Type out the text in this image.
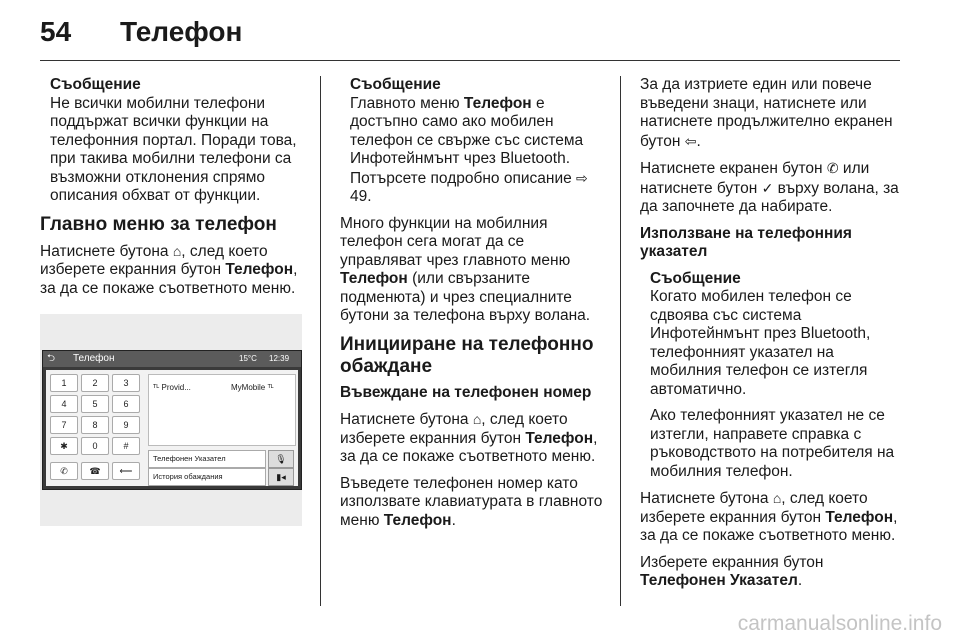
54 Телефон
Съобщение
Не всички мобилни телефони поддържат всички функции на телефонния портал. Поради това, при такива мобилни телефони са възможни отклонения спрямо описания обхват от функции.
Главно меню за телефон

Натиснете бутона ⌂, след което изберете екранния бутон Телефон, за да се покаже съответното меню.

⮌ Телефон	15°C 12:39
1	2	3
4	5	6
7	8	9
✱	0	#
✆	☎	⟵
ᵀᴸ Provid...	MyMobile ᵀᴸ
Телефонен Указател
История обаждания
🎙
▮◂
Съобщение
Главното меню Телефон е достъпно само ако мобилен телефон се свърже със система Инфотейнмънт чрез Bluetooth. Потърсете подробно описание ⇨ 49.

Много функции на мобилния телефон сега могат да се управляват чрез главното меню Телефон (или свързаните подменюта) и чрез специалните бутони за телефона върху волана.

Иницииране на телефонно обаждане
Въвеждане на телефонен номер

Натиснете бутона ⌂, след което изберете екранния бутон Телефон, за да се покаже съответното меню.

Въведете телефонен номер като използвате клавиатурата в главното меню Телефон.

За да изтриете един или повече въведени знаци, натиснете или натиснете продължително екранен бутон ⇦.

Натиснете екранен бутон ✆ или натиснете бутон ✓ върху волана, за да започнете да набирате.

Използване на телефонния указател
Съобщение

Когато мобилен телефон се сдвоява със система Инфотейнмънт през Bluetooth, телефонният указател на мобилния телефон се изтегля автоматично.

Ако телефонният указател не се изтегли, направете справка с ръководството на потребителя на мобилния телефон.

Натиснете бутона ⌂, след което изберете екранния бутон Телефон, за да се покаже съответното меню.

Изберете екранния бутон Телефонен Указател.

carmanualsonline.info
